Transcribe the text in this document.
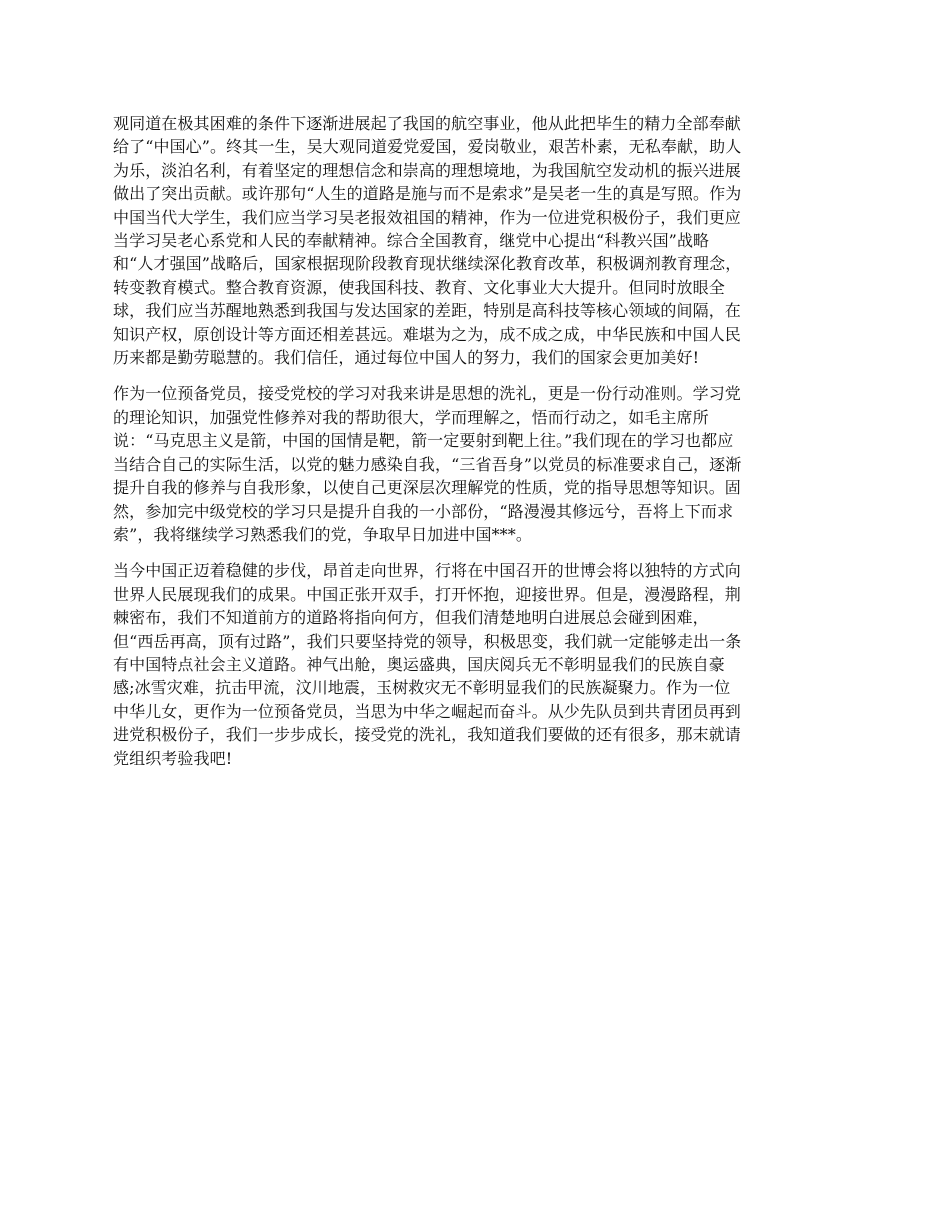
观同道在极其困难的条件下逐渐进展起了我国的航空事业，他从此把毕生的精力全部奉献
给了“中国心”。终其一生，吴大观同道爱党爱国，爱岗敬业，艰苦朴素，无私奉献，助人
为乐，淡泊名利，有着坚定的理想信念和崇高的理想境地，为我国航空发动机的振兴进展
做出了突出贡献。或许那句“人生的道路是施与而不是索求”是吴老一生的真是写照。作为
中国当代大学生，我们应当学习吴老报效祖国的精神，作为一位进党积极份子，我们更应
当学习吴老心系党和人民的奉献精神。综合全国教育，继党中心提出“科教兴国”战略
和“人才强国”战略后，国家根据现阶段教育现状继续深化教育改革，积极调剂教育理念，
转变教育模式。整合教育资源，使我国科技、教育、文化事业大大提升。但同时放眼全
球，我们应当苏醒地熟悉到我国与发达国家的差距，特别是高科技等核心领域的间隔，在
知识产权，原创设计等方面还相差甚远。难堪为之为，成不成之成，中华民族和中国人民
历来都是勤劳聪慧的。我们信任，通过每位中国人的努力，我们的国家会更加美好!

作为一位预备党员，接受党校的学习对我来讲是思想的洗礼，更是一份行动准则。学习党
的理论知识，加强党性修养对我的帮助很大，学而理解之，悟而行动之，如毛主席所
说：“马克思主义是箭，中国的国情是靶，箭一定要射到靶上往。”我们现在的学习也都应
当结合自己的实际生活，以党的魅力感染自我，“三省吾身”以党员的标准要求自己，逐渐
提升自我的修养与自我形象，以使自己更深层次理解党的性质，党的指导思想等知识。固
然，参加完中级党校的学习只是提升自我的一小部份，“路漫漫其修远兮，吾将上下而求
索”，我将继续学习熟悉我们的党，争取早日加进中国***。

当今中国正迈着稳健的步伐，昂首走向世界，行将在中国召开的世博会将以独特的方式向
世界人民展现我们的成果。中国正张开双手，打开怀抱，迎接世界。但是，漫漫路程，荆
棘密布，我们不知道前方的道路将指向何方，但我们清楚地明白进展总会碰到困难，
但“西岳再高，顶有过路”，我们只要坚持党的领导，积极思变，我们就一定能够走出一条
有中国特点社会主义道路。神气出舱，奥运盛典，国庆阅兵无不彰明显我们的民族自豪
感;冰雪灾难，抗击甲流，汶川地震，玉树救灾无不彰明显我们的民族凝聚力。作为一位
中华儿女，更作为一位预备党员，当思为中华之崛起而奋斗。从少先队员到共青团员再到
进党积极份子，我们一步步成长，接受党的洗礼，我知道我们要做的还有很多，那末就请
党组织考验我吧!
